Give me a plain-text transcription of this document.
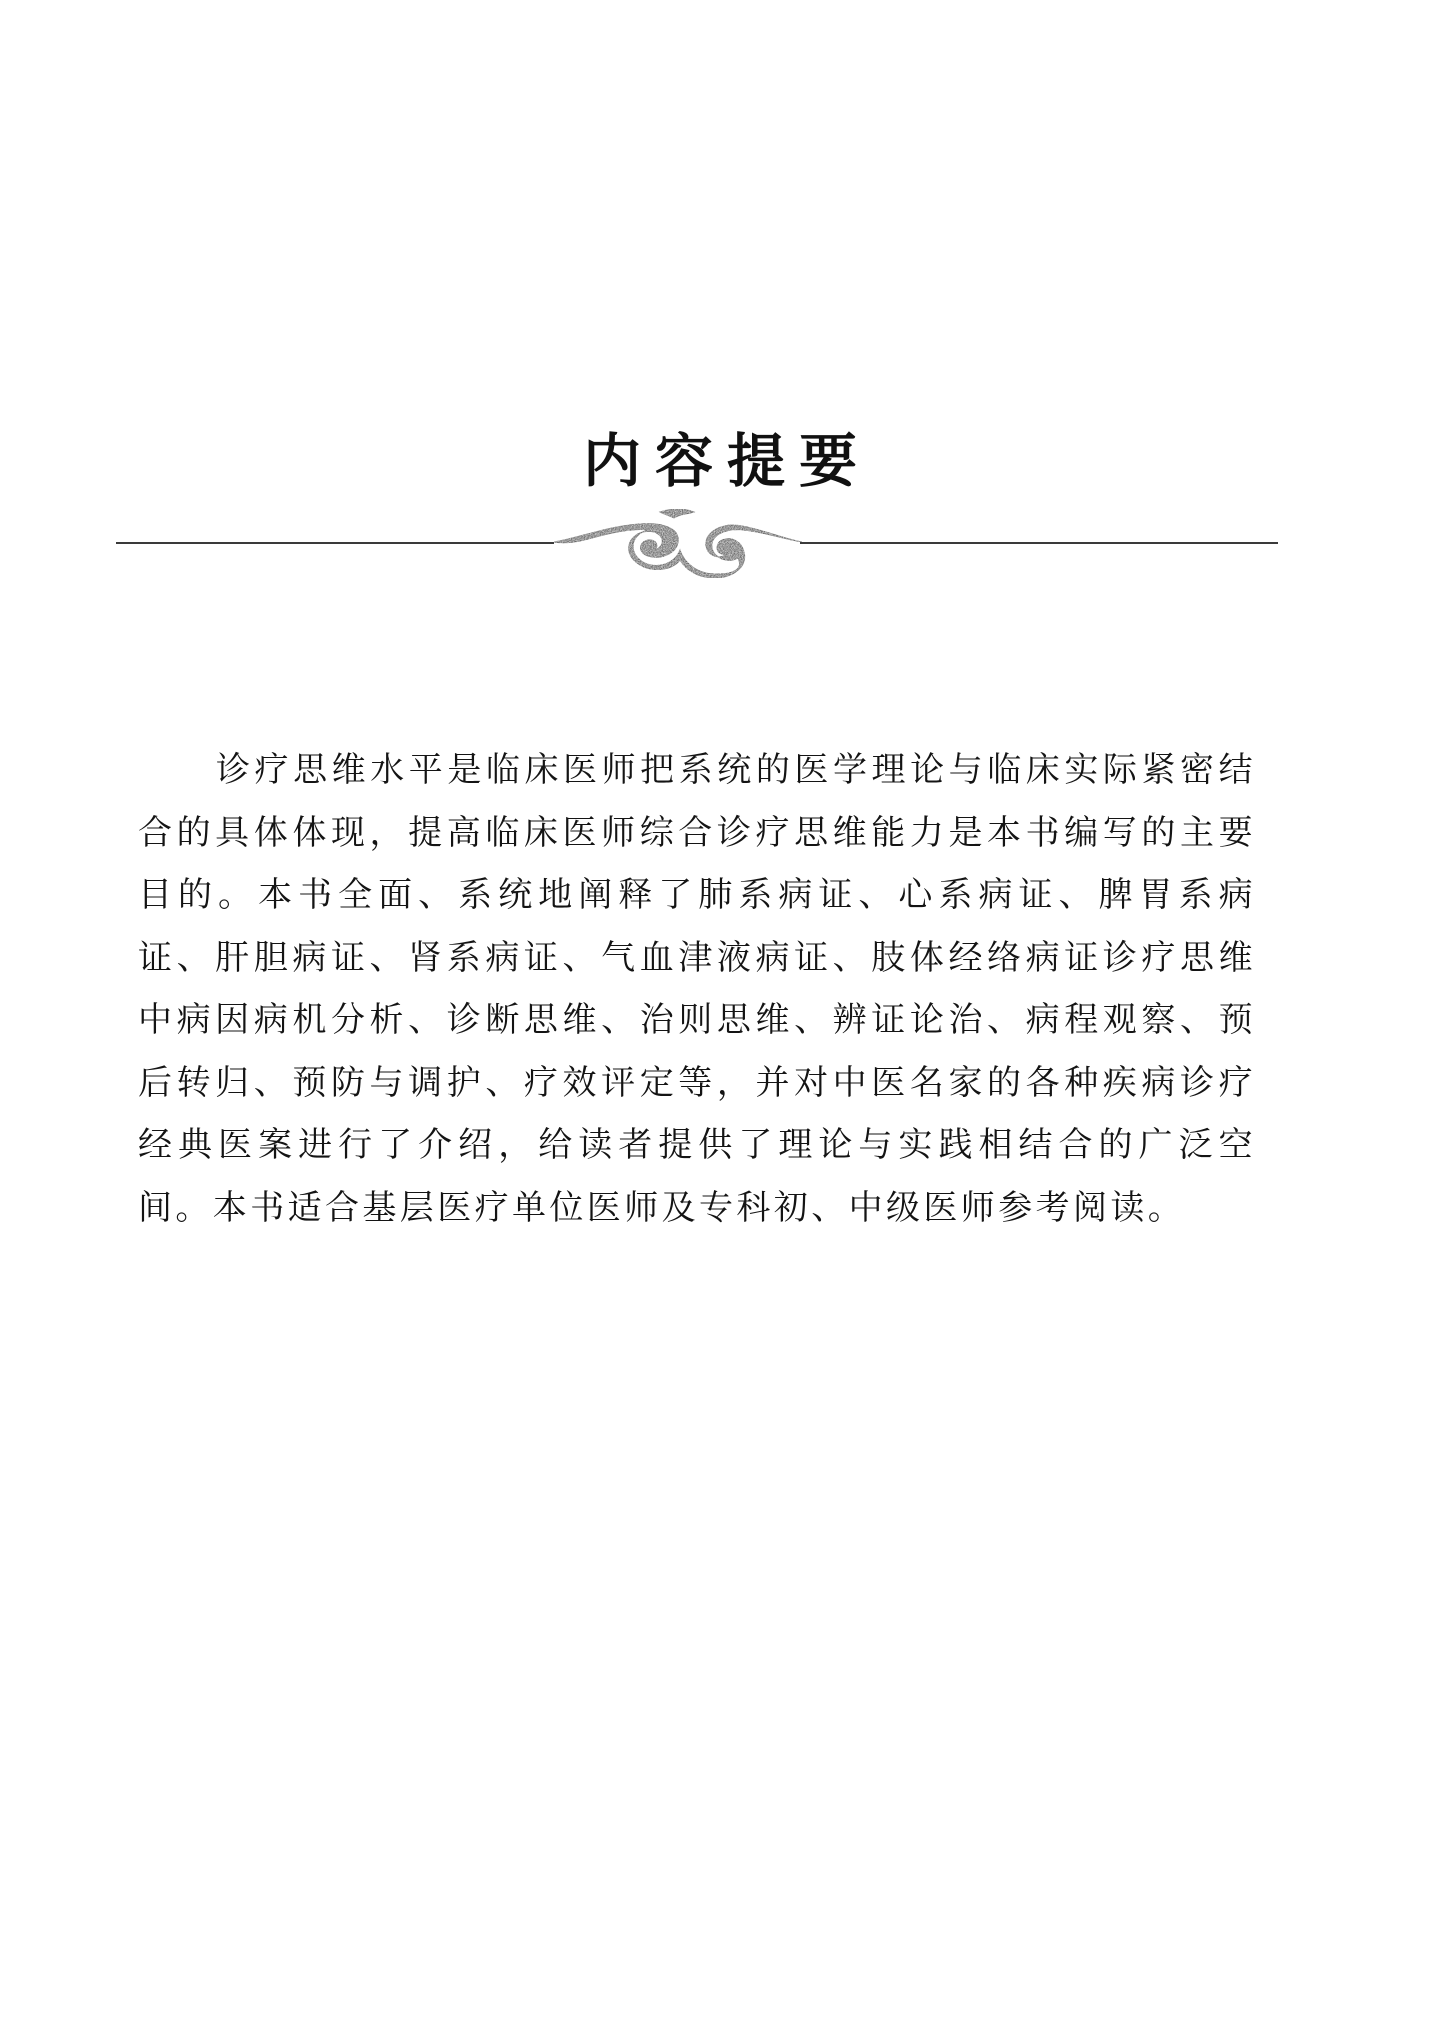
内容提要

诊疗思维水平是临床医师把系统的医学理论与临床实际紧密结合的具体体现，提高临床医师综合诊疗思维能力是本书编写的主要目的。本书全面、系统地阐释了肺系病证、心系病证、脾胃系病证、肝胆病证、肾系病证、气血津液病证、肢体经络病证诊疗思维中病因病机分析、诊断思维、治则思维、辨证论治、病程观察、预后转归、预防与调护、疗效评定等，并对中医名家的各种疾病诊疗经典医案进行了介绍，给读者提供了理论与实践相结合的广泛空间。本书适合基层医疗单位医师及专科初、中级医师参考阅读。
